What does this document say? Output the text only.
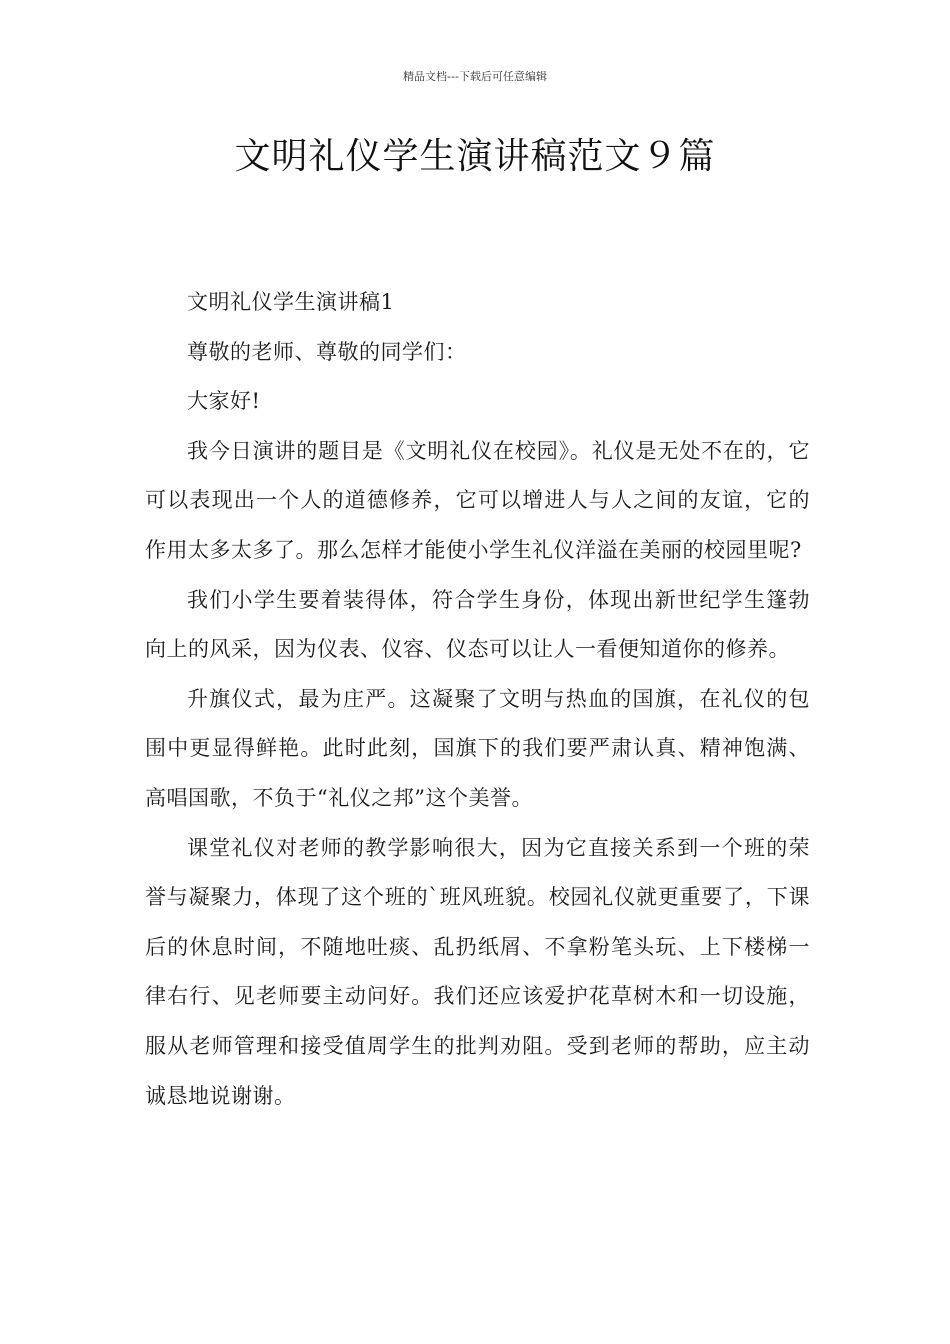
精品文档---下载后可任意编辑
文明礼仪学生演讲稿范文９篇

文明礼仪学生演讲稿1

尊敬的老师、尊敬的同学们：

大家好!

我今日演讲的题目是《文明礼仪在校园》。礼仪是无处不在的，它可以表现出一个人的道德修养，它可以增进人与人之间的友谊，它的作用太多太多了。那么怎样才能使小学生礼仪洋溢在美丽的校园里呢?

我们小学生要着装得体，符合学生身份，体现出新世纪学生篷勃向上的风采，因为仪表、仪容、仪态可以让人一看便知道你的修养。

升旗仪式，最为庄严。这凝聚了文明与热血的国旗，在礼仪的包围中更显得鲜艳。此时此刻，国旗下的我们要严肃认真、精神饱满、高唱国歌，不负于“礼仪之邦”这个美誉。

课堂礼仪对老师的教学影响很大，因为它直接关系到一个班的荣誉与凝聚力，体现了这个班的`班风班貌。校园礼仪就更重要了，下课后的休息时间，不随地吐痰、乱扔纸屑、不拿粉笔头玩、上下楼梯一律右行、见老师要主动问好。我们还应该爱护花草树木和一切设施，服从老师管理和接受值周学生的批判劝阻。受到老师的帮助，应主动诚恳地说谢谢。
